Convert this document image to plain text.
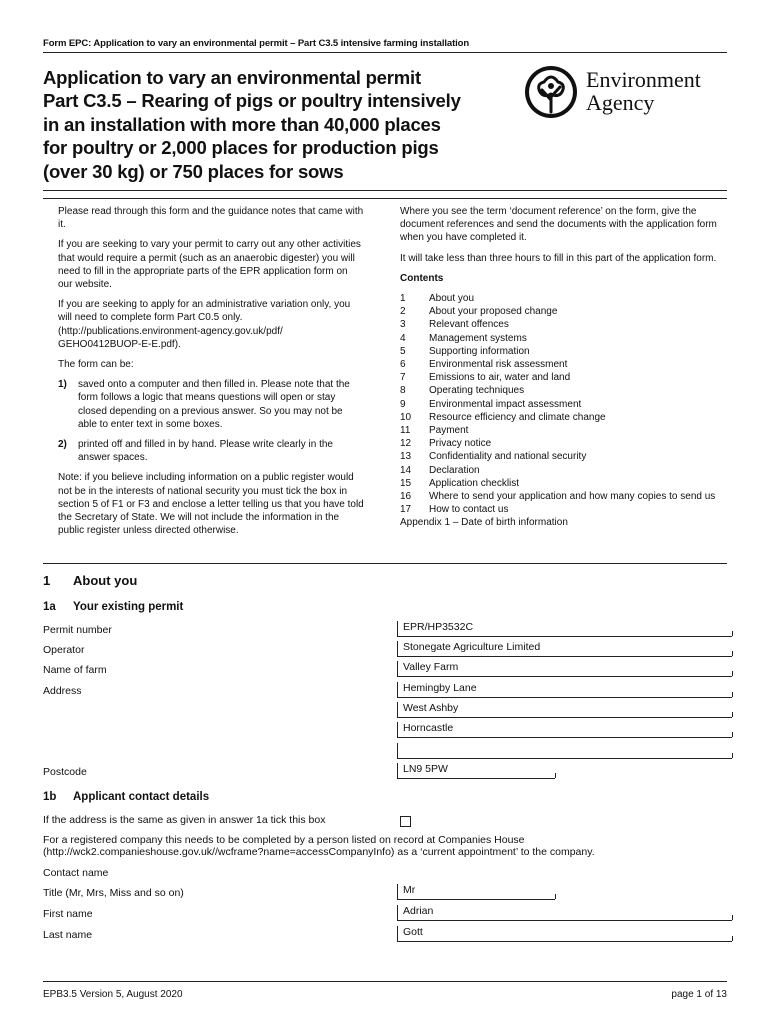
Form EPC: Application to vary an environmental permit – Part C3.5 intensive farming installation
Application to vary an environmental permit
Part C3.5 – Rearing of pigs or poultry intensively
in an installation with more than 40,000 places
for poultry or 2,000 places for production pigs
(over 30 kg) or 750 places for sows
Environment
Agency

Please read through this form and the guidance notes that came with it.

If you are seeking to vary your permit to carry out any other activities that would require a permit (such as an anaerobic digester) you will need to fill in the appropriate parts of the EPR application form on our website.

If you are seeking to apply for an administrative variation only, you will need to complete form Part C0.5 only. (http://publications.environment-agency.gov.uk/pdf/ GEHO0412BUOP-E-E.pdf).

The form can be:

1)	saved onto a computer and then filled in. Please note that the form follows a logic that means questions will open or stay closed depending on a previous answer. So you may not be able to enter text in some boxes.
2)	printed off and filled in by hand. Please write clearly in the answer spaces.

Note: if you believe including information on a public register would not be in the interests of national security you must tick the box in section 5 of F1 or F3 and enclose a letter telling us that you have told the Secretary of State. We will not include the information in the public register unless directed otherwise.

Where you see the term ‘document reference’ on the form, give the document references and send the documents with the application form when you have completed it.

It will take less than three hours to fill in this part of the application form.

Contents

1	About you
2	About your proposed change
3	Relevant offences
4	Management systems
5	Supporting information
6	Environmental risk assessment
7	Emissions to air, water and land
8	Operating techniques
9	Environmental impact assessment
10	Resource efficiency and climate change
11	Payment
12	Privacy notice
13	Confidentiality and national security
14	Declaration
15	Application checklist
16	Where to send your application and how many copies to send us
17	How to contact us
Appendix 1 – Date of birth information
1 About you
1a Your existing permit
Permit number	EPR/HP3532C
Operator	Stonegate Agriculture Limited
Name of farm	Valley Farm
Address	Hemingby Lane
West Ashby
Horncastle
Postcode	LN9 5PW
1b Applicant contact details
If the address is the same as given in answer 1a tick this box
For a registered company this needs to be completed by a person listed on record at Companies House
(http://wck2.companieshouse.gov.uk//wcframe?name=accessCompanyInfo) as a ‘current appointment’ to the company.
Contact name
Title (Mr, Mrs, Miss and so on)	Mr
First name	Adrian
Last name	Gott
EPB3.5 Version 5, August 2020	page 1 of 13
